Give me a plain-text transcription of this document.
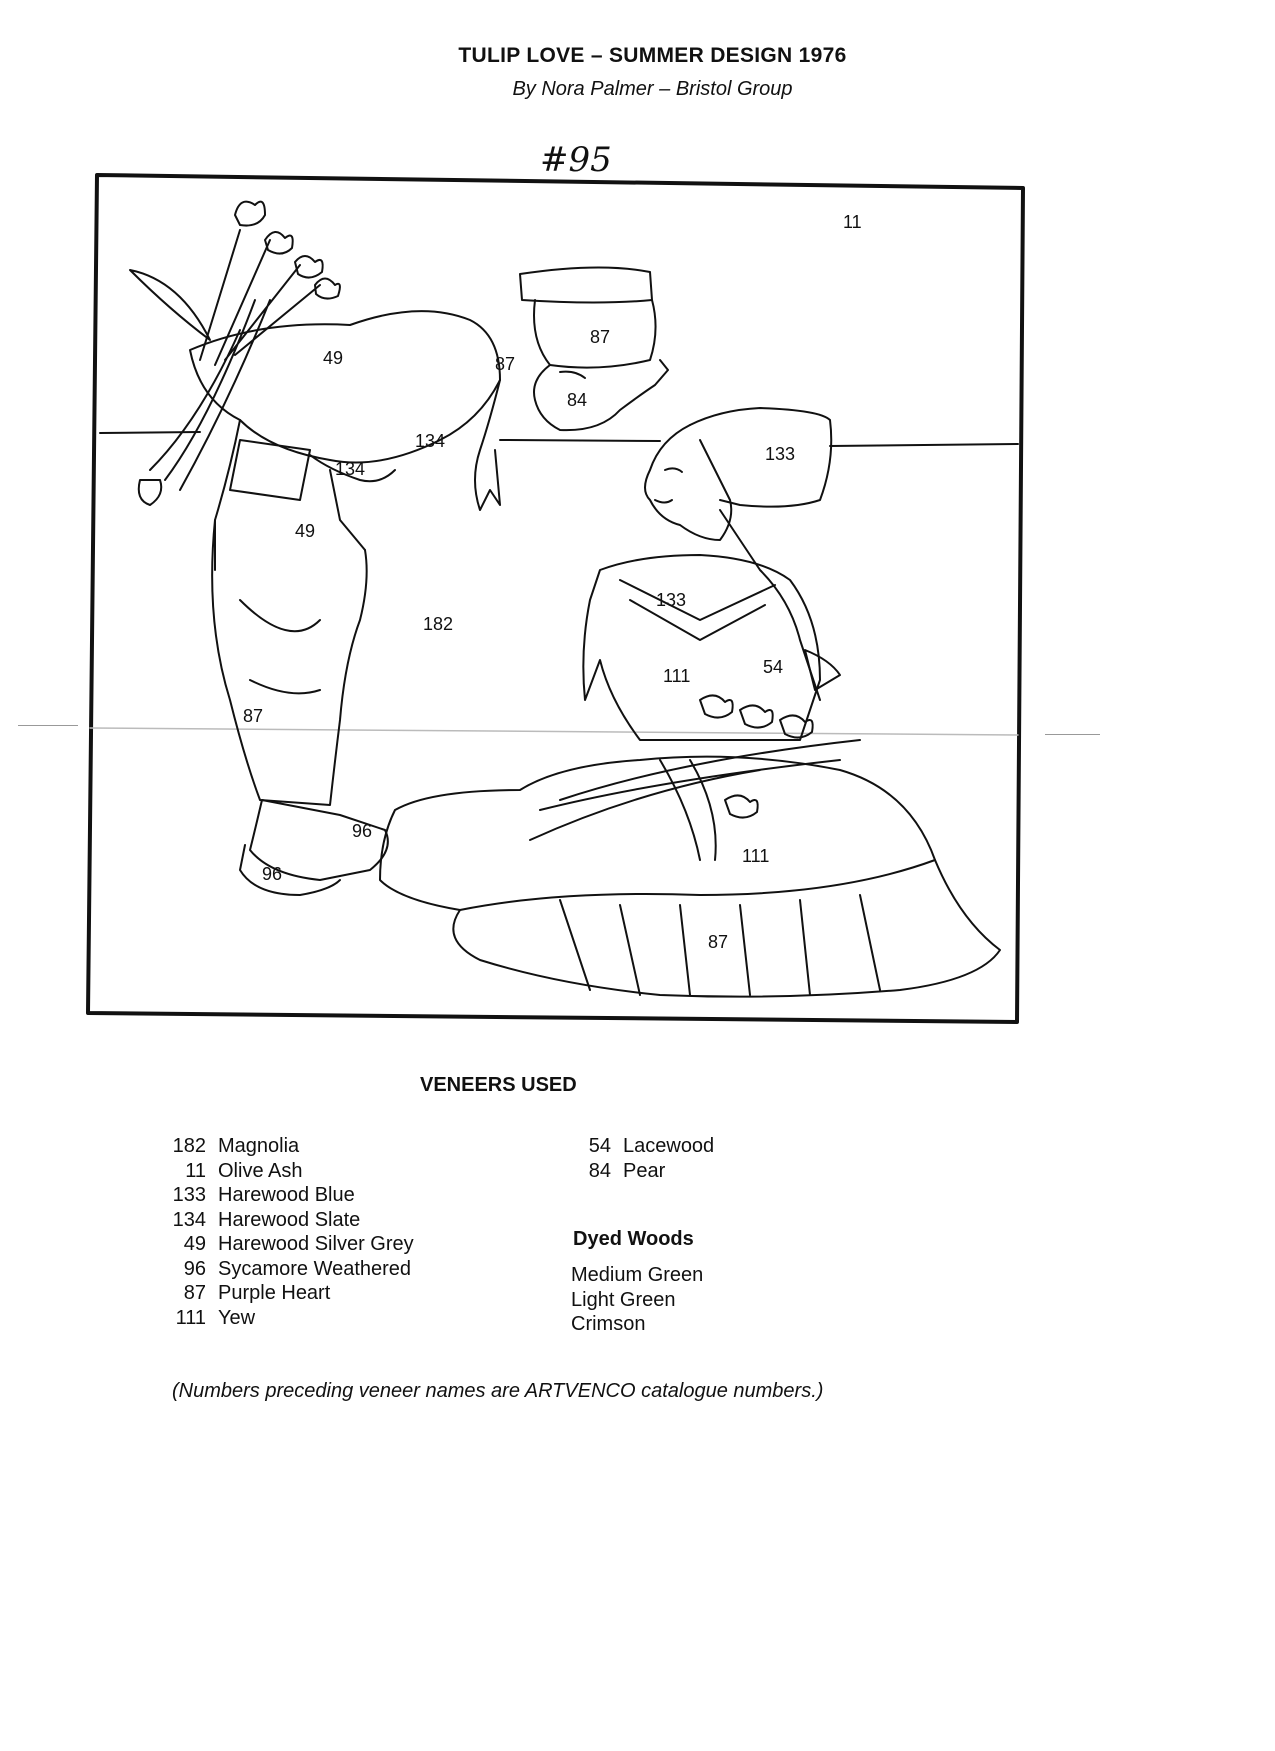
TULIP LOVE – SUMMER DESIGN 1976
By Nora Palmer – Bristol Group
#95
11
87
49	87
84
134
133
134
49
182
133
54
111
87
96
96
111
87
VENEERS USED
182 Magnolia
11 Olive Ash
133 Harewood Blue
134 Harewood Slate
49 Harewood Silver Grey
96 Sycamore Weathered
87 Purple Heart
111 Yew
54 Lacewood
84 Pear
Dyed Woods
Medium Green
Light Green
Crimson
(Numbers preceding veneer names are ARTVENCO catalogue numbers.)
